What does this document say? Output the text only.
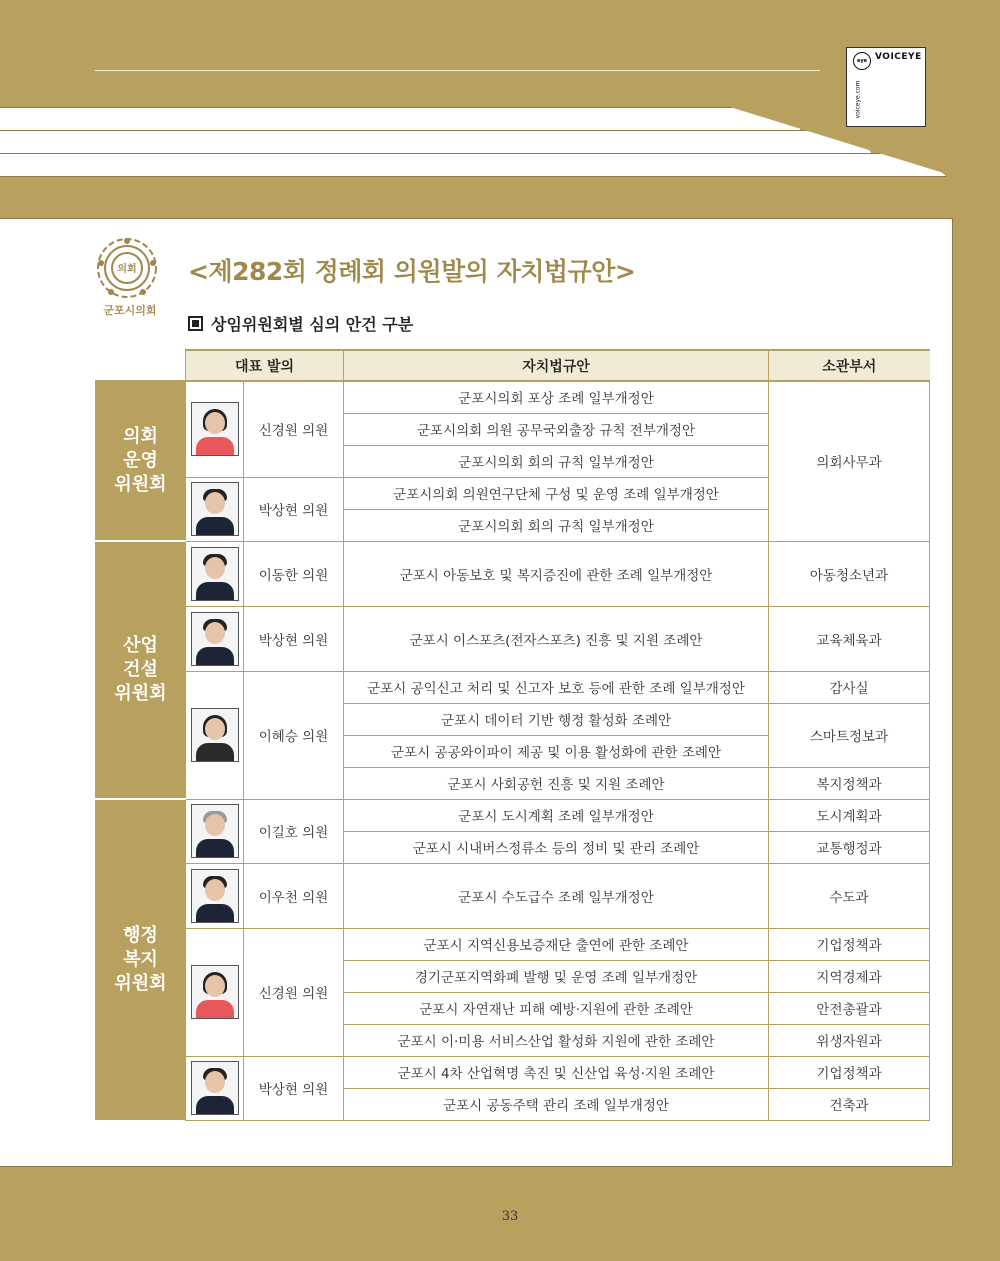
eye VOICEYE
voiceye.com
의회
군포시의회
<제282회 정례회 의원발의 자치법규안>
상임위원회별 심의 안건 구분
	대표 발의		자치법규안	소관부서
의회
운영
위원회		신경원 의원	군포시의회 포상 조례 일부개정안	의회사무과
			군포시의회 의원 공무국외출장 규칙 전부개정안	
			군포시의회 회의 규칙 일부개정안	

		박상현 의원	군포시의회 의원연구단체 구성 및 운영 조례 일부개정안	
			군포시의회 회의 규칙 일부개정안	
산업
건설
위원회		이동한 의원	군포시 아동보호 및 복지증진에 관한 조례 일부개정안	아동청소년과

		박상현 의원	군포시 이스포츠(전자스포츠) 진흥 및 지원 조례안	교육체육과

		이혜승 의원	군포시 공익신고 처리 및 신고자 보호 등에 관한 조례 일부개정안	감사실
			군포시 데이터 기반 행정 활성화 조례안	스마트정보과
			군포시 공공와이파이 제공 및 이용 활성화에 관한 조례안	
			군포시 사회공헌 진흥 및 지원 조례안	복지정책과
행정
복지
위원회		이길호 의원	군포시 도시계획 조례 일부개정안	도시계획과
			군포시 시내버스정류소 등의 정비 및 관리 조례안	교통행정과

		이우천 의원	군포시 수도급수 조례 일부개정안	수도과

		신경원 의원	군포시 지역신용보증재단 출연에 관한 조례안	기업정책과
			경기군포지역화폐 발행 및 운영 조례 일부개정안	지역경제과
			군포시 자연재난 피해 예방·지원에 관한 조례안	안전총괄과
			군포시 이·미용 서비스산업 활성화 지원에 관한 조례안	위생자원과

		박상현 의원	군포시 4차 산업혁명 촉진 및 신산업 육성·지원 조례안	기업정책과
			군포시 공동주택 관리 조례 일부개정안	건축과
33
